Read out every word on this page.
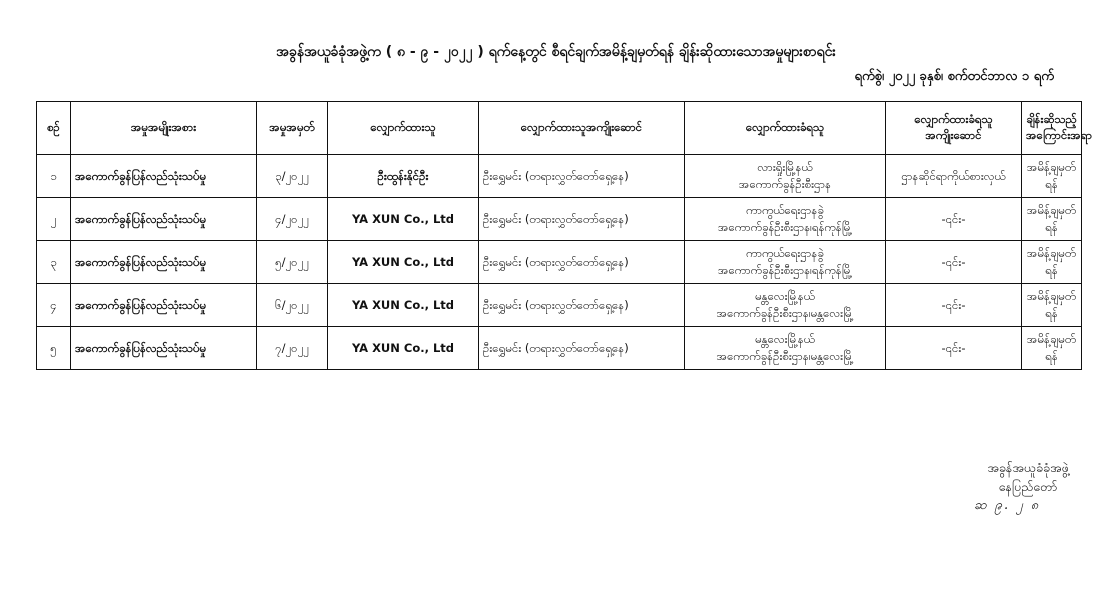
အခွန်အယူခံခုံအဖွဲ့က ( ၈ - ၉ - ၂၀၂၂ ) ရက်နေ့တွင် စီရင်ချက်အမိန့်ချမှတ်ရန် ချိန်းဆိုထားသောအမှုများစာရင်း
ရက်စွဲ၊ ၂၀၂၂ ခုနှစ်၊ စက်တင်ဘာလ ၁ ရက်
စဉ်	အမှုအမျိုးအစား	အမှုအမှတ်	လျှောက်ထားသူ	လျှောက်ထားသူအကျိုးဆောင်	လျှောက်ထားခံရသူ	လျှောက်ထားခံရသူ အကျိုးဆောင်	ချိန်းဆိုသည့် အကြောင်းအရာ
၁	အကောက်ခွန်ပြန်လည်သုံးသပ်မှု	၃/၂၀၂၂	ဦးထွန်းနိုင်ဦး	ဦးရွှေမင်း (တရားလွှတ်တော်ရှေ့နေ)	လားရှိုးမြို့နယ်
အကောက်ခွန်ဦးစီးဌာန	ဌာနဆိုင်ရာကိုယ်စားလှယ်	အမိန့်ချမှတ်ရန်
၂	အကောက်ခွန်ပြန်လည်သုံးသပ်မှု	၄/၂၀၂၂	YA XUN Co., Ltd	ဦးရွှေမင်း (တရားလွှတ်တော်ရှေ့နေ)	ကာကွယ်ရေးဌာနခွဲ
အကောက်ခွန်ဦးစီးဌာန၊ရန်ကုန်မြို့	-၎င်း-	အမိန့်ချမှတ်ရန်
၃	အကောက်ခွန်ပြန်လည်သုံးသပ်မှု	၅/၂၀၂၂	YA XUN Co., Ltd	ဦးရွှေမင်း (တရားလွှတ်တော်ရှေ့နေ)	ကာကွယ်ရေးဌာနခွဲ
အကောက်ခွန်ဦးစီးဌာန၊ရန်ကုန်မြို့	-၎င်း-	အမိန့်ချမှတ်ရန်
၄	အကောက်ခွန်ပြန်လည်သုံးသပ်မှု	၆/၂၀၂၂	YA XUN Co., Ltd	ဦးရွှေမင်း (တရားလွှတ်တော်ရှေ့နေ)	မန္တလေးမြို့နယ်
အကောက်ခွန်ဦးစီးဌာန၊မန္တလေးမြို့	-၎င်း-	အမိန့်ချမှတ်ရန်
၅	အကောက်ခွန်ပြန်လည်သုံးသပ်မှု	၇/၂၀၂၂	YA XUN Co., Ltd	ဦးရွှေမင်း (တရားလွှတ်တော်ရှေ့နေ)	မန္တလေးမြို့နယ်
အကောက်ခွန်ဦးစီးဌာန၊မန္တလေးမြို့	-၎င်း-	အမိန့်ချမှတ်ရန်
အခွန်အယူခံခုံအဖွဲ့
နေပြည်တော်
ဆ ၉. ၂ ၈
